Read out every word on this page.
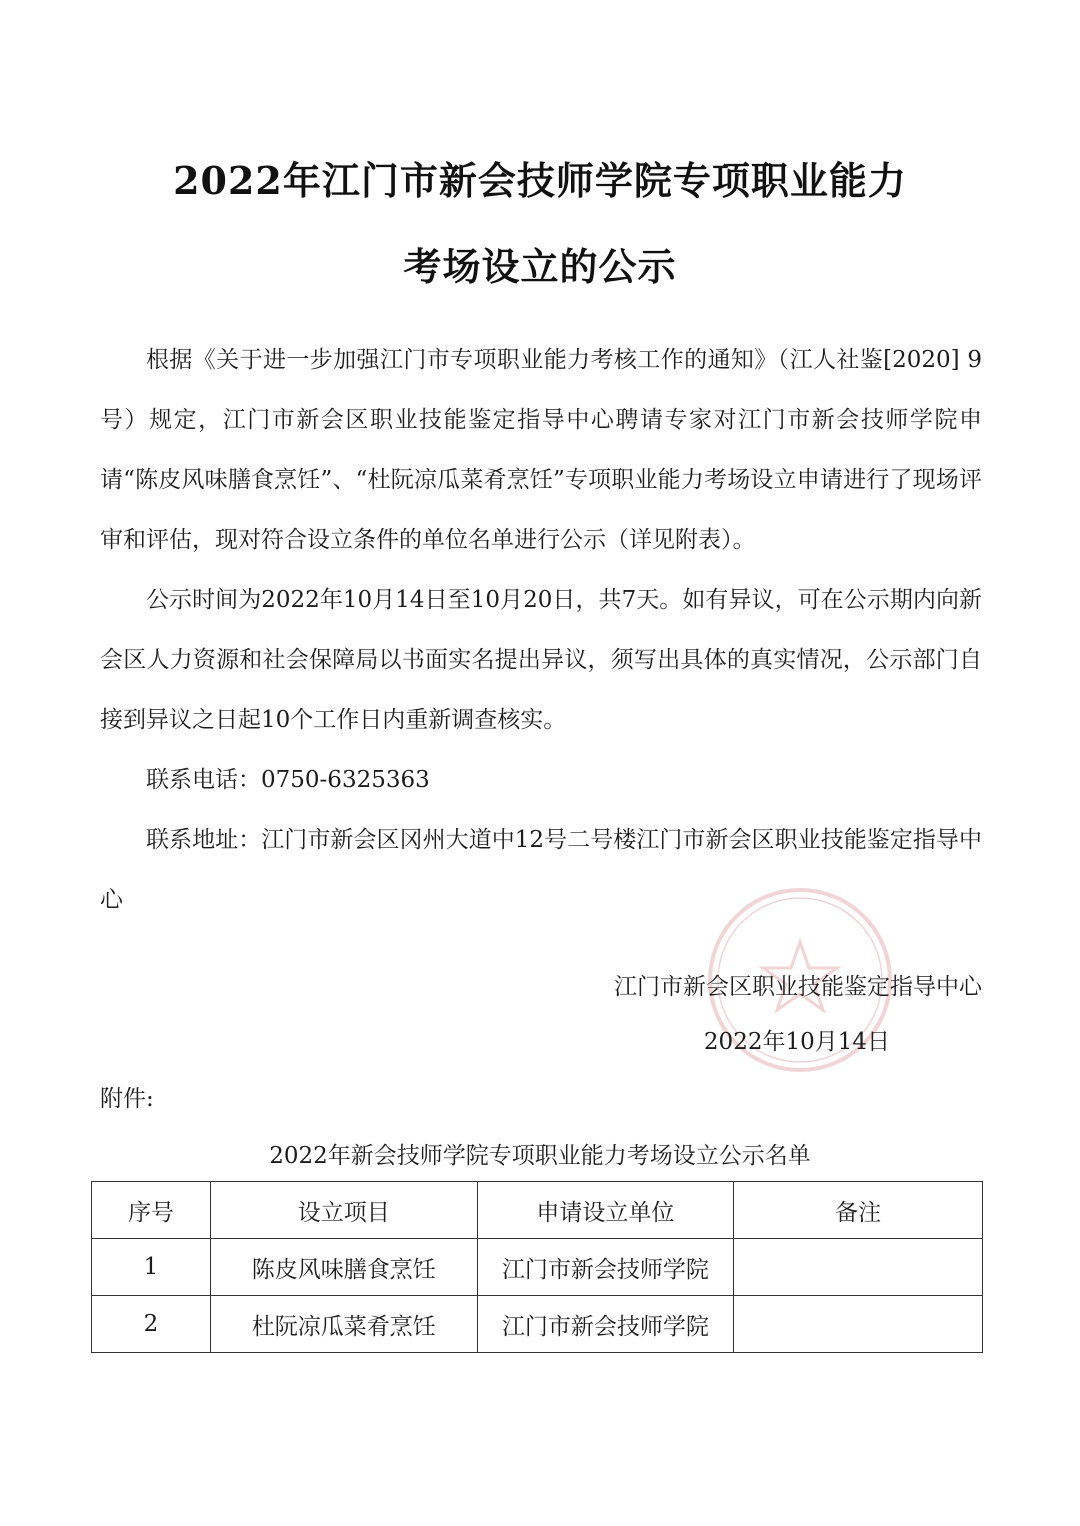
2022年江门市新会技师学院专项职业能力
考场设立的公示

根据《关于进一步加强江门市专项职业能力考核工作的通知》（江人社鉴[2020] 9号）规定，江门市新会区职业技能鉴定指导中心聘请专家对江门市新会技师学院申请“陈皮风味膳食烹饪”、“杜阮凉瓜菜肴烹饪”专项职业能力考场设立申请进行了现场评审和评估，现对符合设立条件的单位名单进行公示（详见附表）。

公示时间为2022年10月14日至10月20日，共7天。如有异议，可在公示期内向新会区人力资源和社会保障局以书面实名提出异议，须写出具体的真实情况，公示部门自接到异议之日起10个工作日内重新调查核实。

联系电话：0750-6325363

联系地址：江门市新会区冈州大道中12号二号楼江门市新会区职业技能鉴定指导中心

江门市新会区职业技能鉴定指导中心
2022年10月14日
附件:
2022年新会技师学院专项职业能力考场设立公示名单
序号	设立项目	申请设立单位	备注
1	陈皮风味膳食烹饪	江门市新会技师学院	
2	杜阮凉瓜菜肴烹饪	江门市新会技师学院	
